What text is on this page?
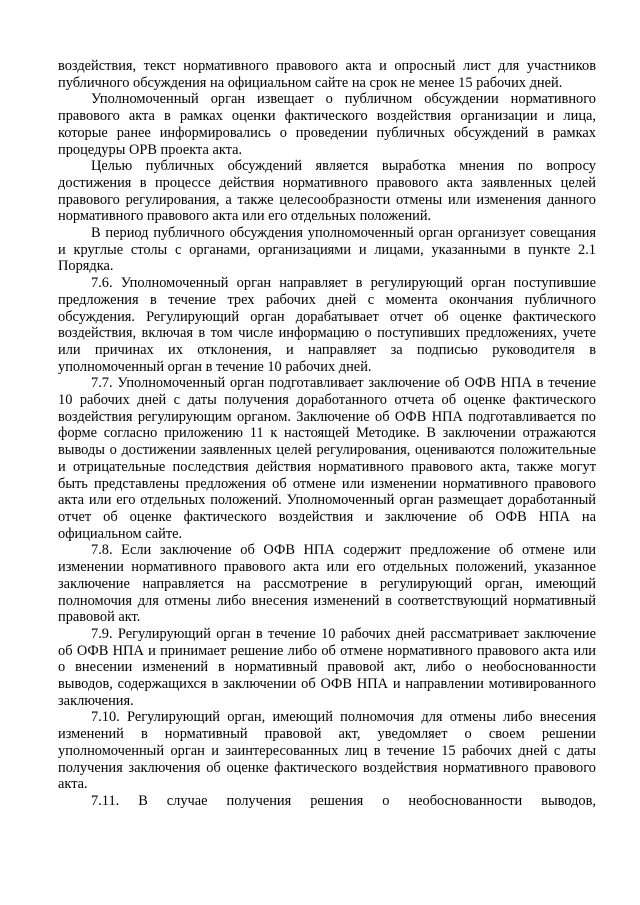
воздействия, текст нормативного правового акта и опросный лист для участников публичного обсуждения на официальном сайте на срок не менее 15 рабочих дней.

Уполномоченный орган извещает о публичном обсуждении нормативного правового акта в рамках оценки фактического воздействия организации и лица, которые ранее информировались о проведении публичных обсуждений в рамках процедуры ОРВ проекта акта.

Целью публичных обсуждений является выработка мнения по вопросу достижения в процессе действия нормативного правового акта заявленных целей правового регулирования, а также целесообразности отмены или изменения данного нормативного правового акта или его отдельных положений.

В период публичного обсуждения уполномоченный орган организует совещания и круглые столы с органами, организациями и лицами, указанными в пункте 2.1 Порядка.

7.6. Уполномоченный орган направляет в регулирующий орган поступившие предложения в течение трех рабочих дней с момента окончания публичного обсуждения. Регулирующий орган дорабатывает отчет об оценке фактического воздействия, включая в том числе информацию о поступивших предложениях, учете или причинах их отклонения, и направляет за подписью руководителя в уполномоченный орган в течение 10 рабочих дней.

7.7. Уполномоченный орган подготавливает заключение об ОФВ НПА в течение 10 рабочих дней с даты получения доработанного отчета об оценке фактического воздействия регулирующим органом. Заключение об ОФВ НПА подготавливается по форме согласно приложению 11 к настоящей Методике. В заключении отражаются выводы о достижении заявленных целей регулирования, оцениваются положительные и отрицательные последствия действия нормативного правового акта, также могут быть представлены предложения об отмене или изменении нормативного правового акта или его отдельных положений. Уполномоченный орган размещает доработанный отчет об оценке фактического воздействия и заключение об ОФВ НПА на официальном сайте.

7.8. Если заключение об ОФВ НПА содержит предложение об отмене или изменении нормативного правового акта или его отдельных положений, указанное заключение направляется на рассмотрение в регулирующий орган, имеющий полномочия для отмены либо внесения изменений в соответствующий нормативный правовой акт.

7.9. Регулирующий орган в течение 10 рабочих дней рассматривает заключение об ОФВ НПА и принимает решение либо об отмене нормативного правового акта или о внесении изменений в нормативный правовой акт, либо о необоснованности выводов, содержащихся в заключении об ОФВ НПА и направлении мотивированного заключения.

7.10. Регулирующий орган, имеющий полномочия для отмены либо внесения изменений в нормативный правовой акт, уведомляет о своем решении уполномоченный орган и заинтересованных лиц в течение 15 рабочих дней с даты получения заключения об оценке фактического воздействия нормативного правового акта.

7.11. В случае получения решения о необоснованности выводов,
